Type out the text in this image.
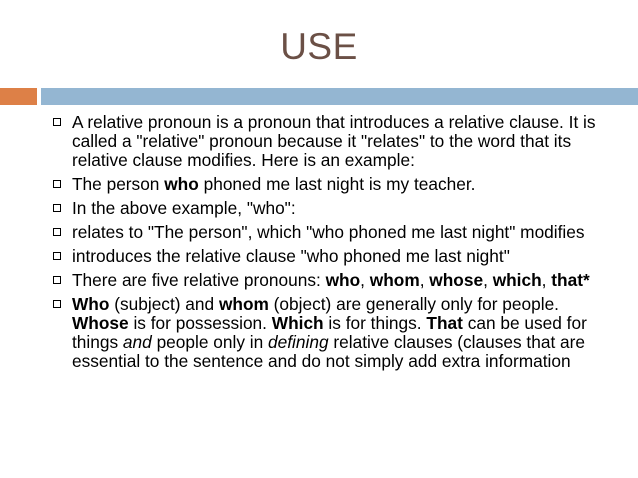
USE
A relative pronoun is a pronoun that introduces a relative clause. It is called a "relative" pronoun because it "relates" to the word that its relative clause modifies. Here is an example:
The person who phoned me last night is my teacher.
In the above example, "who":
relates to "The person", which "who phoned me last night" modifies
introduces the relative clause "who phoned me last night"
There are five relative pronouns: who, whom, whose, which, that*
Who (subject) and whom (object) are generally only for people. Whose is for possession. Which is for things. That can be used for things and people only in defining relative clauses (clauses that are essential to the sentence and do not simply add extra information
